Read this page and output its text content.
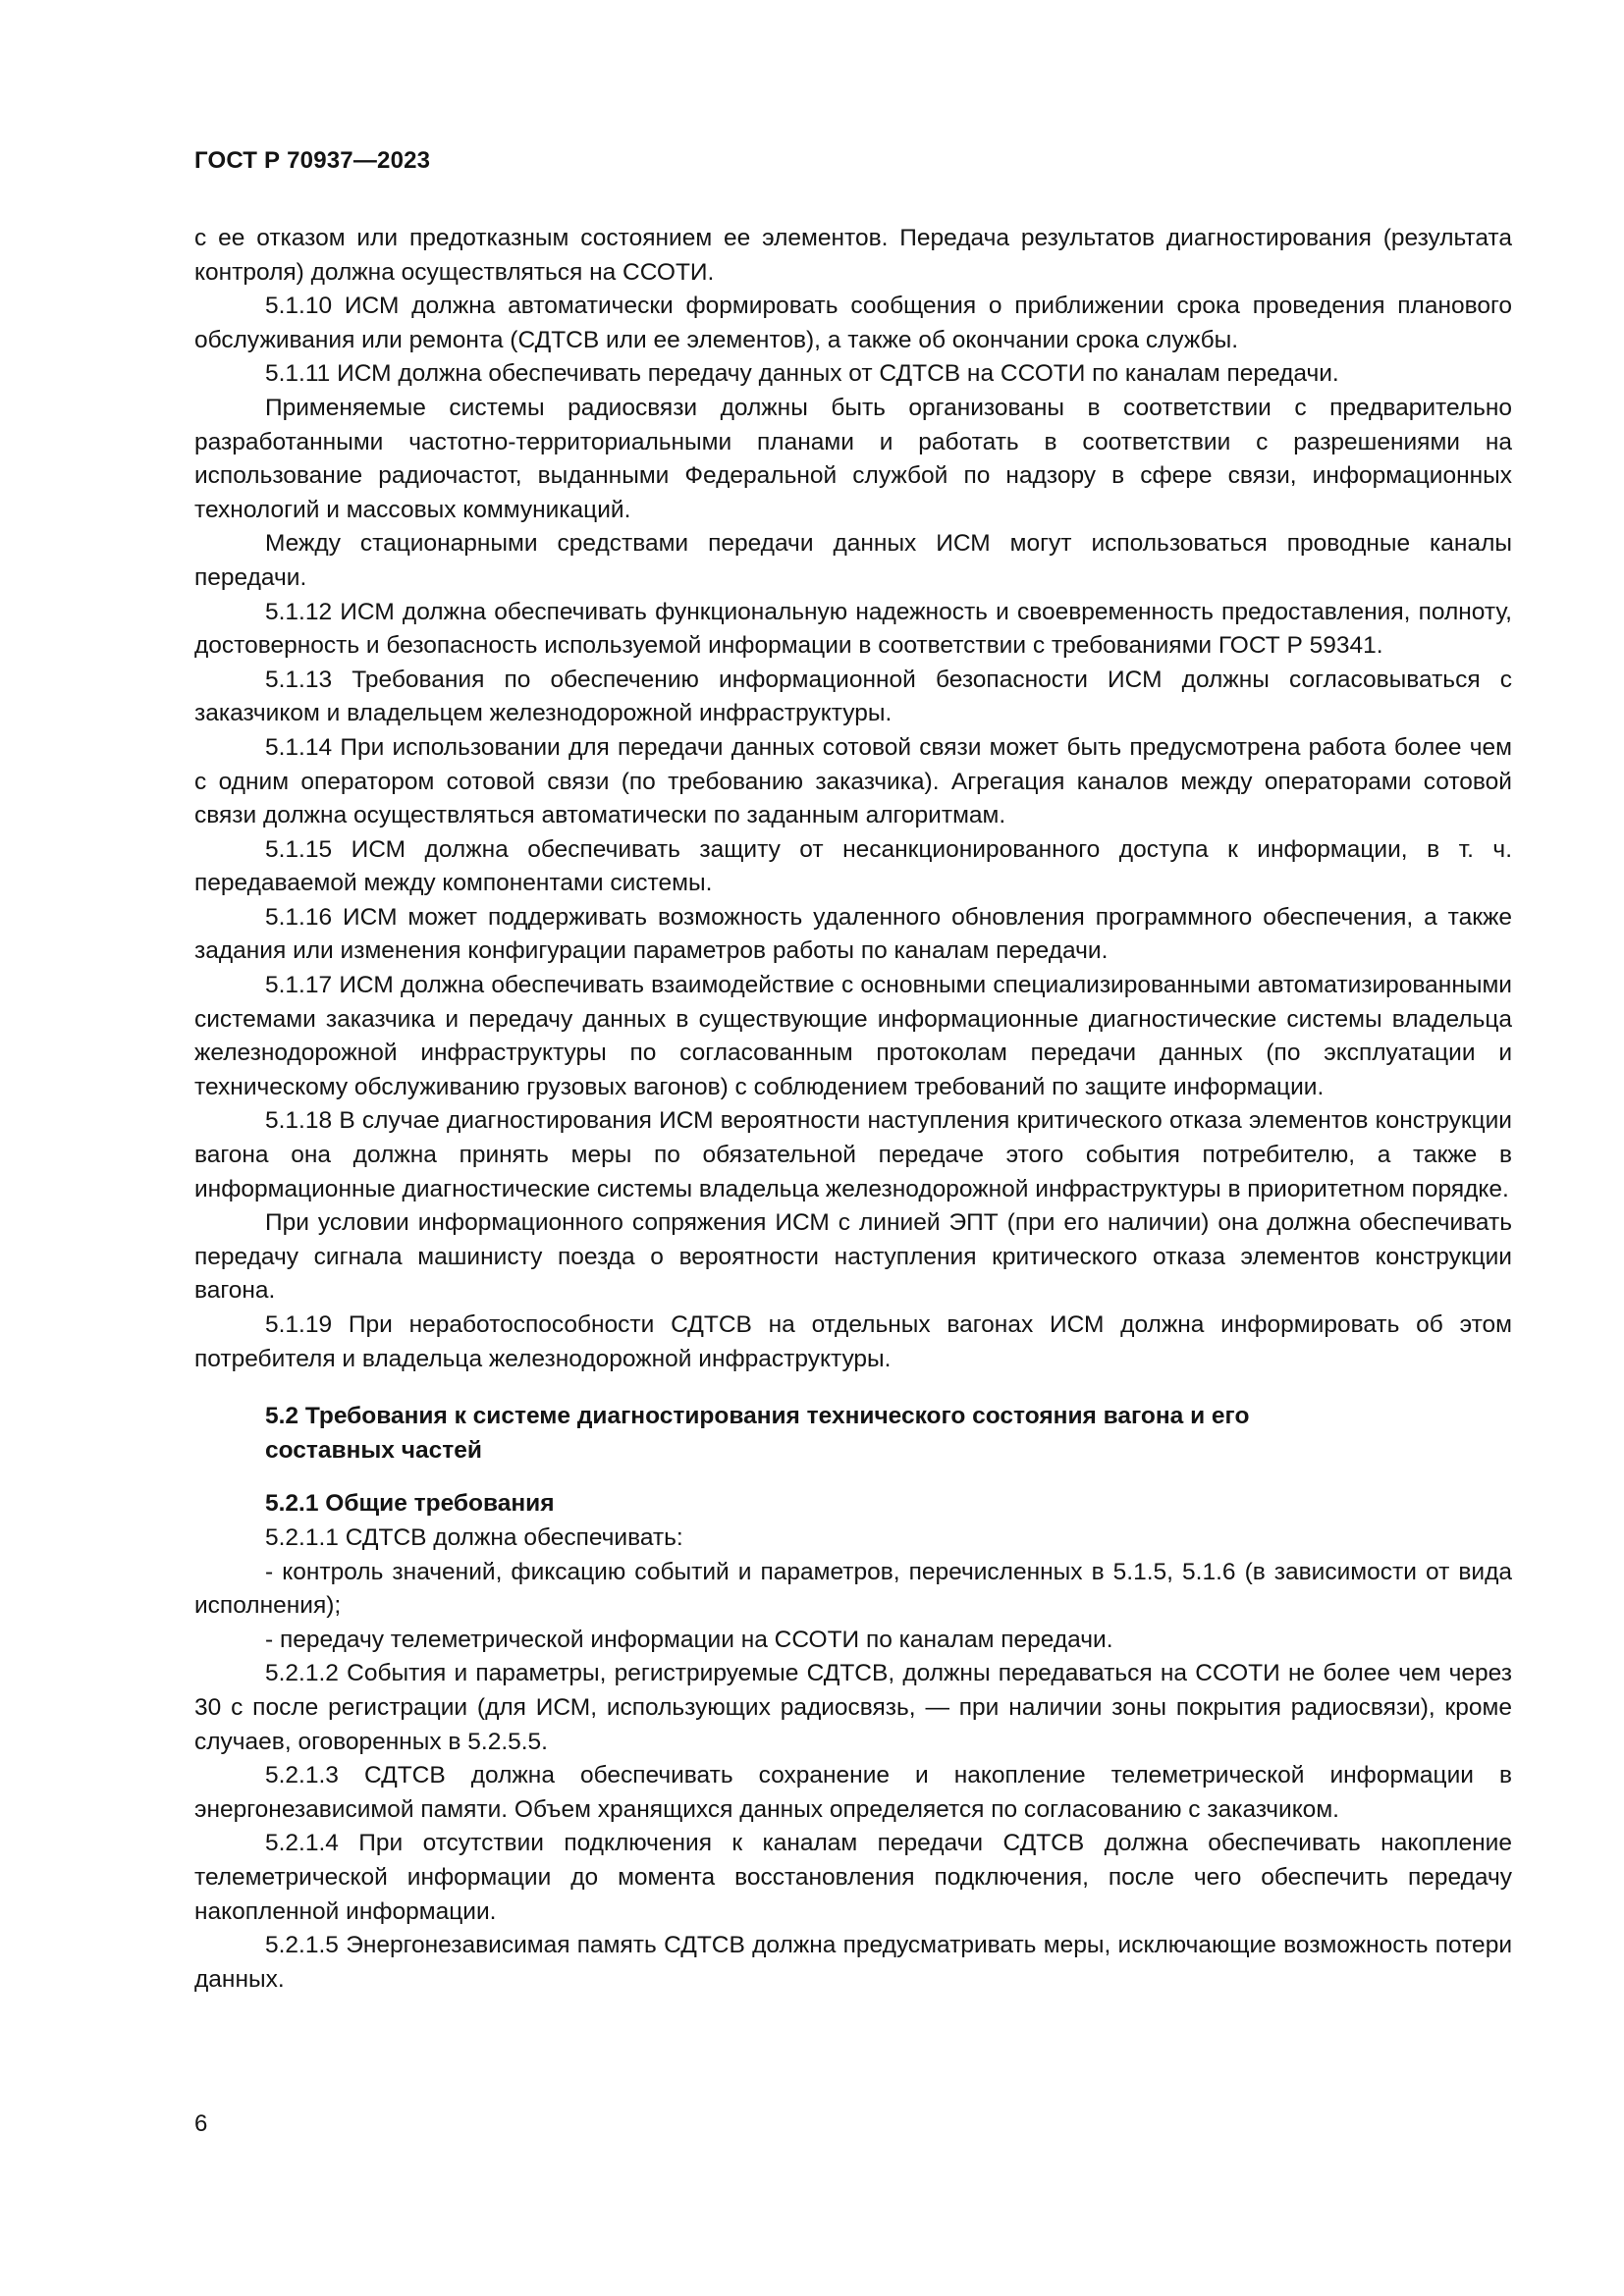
ГОСТ Р 70937—2023

с ее отказом или предотказным состоянием ее элементов. Передача результатов диагностирования (результата контроля) должна осуществляться на ССОТИ.

5.1.10 ИСМ должна автоматически формировать сообщения о приближении срока проведения планового обслуживания или ремонта (СДТСВ или ее элементов), а также об окончании срока службы.

5.1.11 ИСМ должна обеспечивать передачу данных от СДТСВ на ССОТИ по каналам передачи.

Применяемые системы радиосвязи должны быть организованы в соответствии с предварительно разработанными частотно-территориальными планами и работать в соответствии с разрешениями на использование радиочастот, выданными Федеральной службой по надзору в сфере связи, информационных технологий и массовых коммуникаций.

Между стационарными средствами передачи данных ИСМ могут использоваться проводные каналы передачи.

5.1.12 ИСМ должна обеспечивать функциональную надежность и своевременность предоставления, полноту, достоверность и безопасность используемой информации в соответствии с требованиями ГОСТ Р 59341.

5.1.13 Требования по обеспечению информационной безопасности ИСМ должны согласовываться с заказчиком и владельцем железнодорожной инфраструктуры.

5.1.14 При использовании для передачи данных сотовой связи может быть предусмотрена работа более чем с одним оператором сотовой связи (по требованию заказчика). Агрегация каналов между операторами сотовой связи должна осуществляться автоматически по заданным алгоритмам.

5.1.15 ИСМ должна обеспечивать защиту от несанкционированного доступа к информации, в т. ч. передаваемой между компонентами системы.

5.1.16 ИСМ может поддерживать возможность удаленного обновления программного обеспечения, а также задания или изменения конфигурации параметров работы по каналам передачи.

5.1.17 ИСМ должна обеспечивать взаимодействие с основными специализированными автоматизированными системами заказчика и передачу данных в существующие информационные диагностические системы владельца железнодорожной инфраструктуры по согласованным протоколам передачи данных (по эксплуатации и техническому обслуживанию грузовых вагонов) с соблюдением требований по защите информации.

5.1.18 В случае диагностирования ИСМ вероятности наступления критического отказа элементов конструкции вагона она должна принять меры по обязательной передаче этого события потребителю, а также в информационные диагностические системы владельца железнодорожной инфраструктуры в приоритетном порядке.

При условии информационного сопряжения ИСМ с линией ЭПТ (при его наличии) она должна обеспечивать передачу сигнала машинисту поезда о вероятности наступления критического отказа элементов конструкции вагона.

5.1.19 При неработоспособности СДТСВ на отдельных вагонах ИСМ должна информировать об этом потребителя и владельца железнодорожной инфраструктуры.

5.2 Требования к системе диагностирования технического состояния вагона и его составных частей
5.2.1 Общие требования

5.2.1.1 СДТСВ должна обеспечивать:

- контроль значений, фиксацию событий и параметров, перечисленных в 5.1.5, 5.1.6 (в зависимости от вида исполнения);

- передачу телеметрической информации на ССОТИ по каналам передачи.

5.2.1.2 События и параметры, регистрируемые СДТСВ, должны передаваться на ССОТИ не более чем через 30 с после регистрации (для ИСМ, использующих радиосвязь, — при наличии зоны покрытия радиосвязи), кроме случаев, оговоренных в 5.2.5.5.

5.2.1.3 СДТСВ должна обеспечивать сохранение и накопление телеметрической информации в энергонезависимой памяти. Объем хранящихся данных определяется по согласованию с заказчиком.

5.2.1.4 При отсутствии подключения к каналам передачи СДТСВ должна обеспечивать накопление телеметрической информации до момента восстановления подключения, после чего обеспечить передачу накопленной информации.

5.2.1.5 Энергонезависимая память СДТСВ должна предусматривать меры, исключающие возможность потери данных.

6
